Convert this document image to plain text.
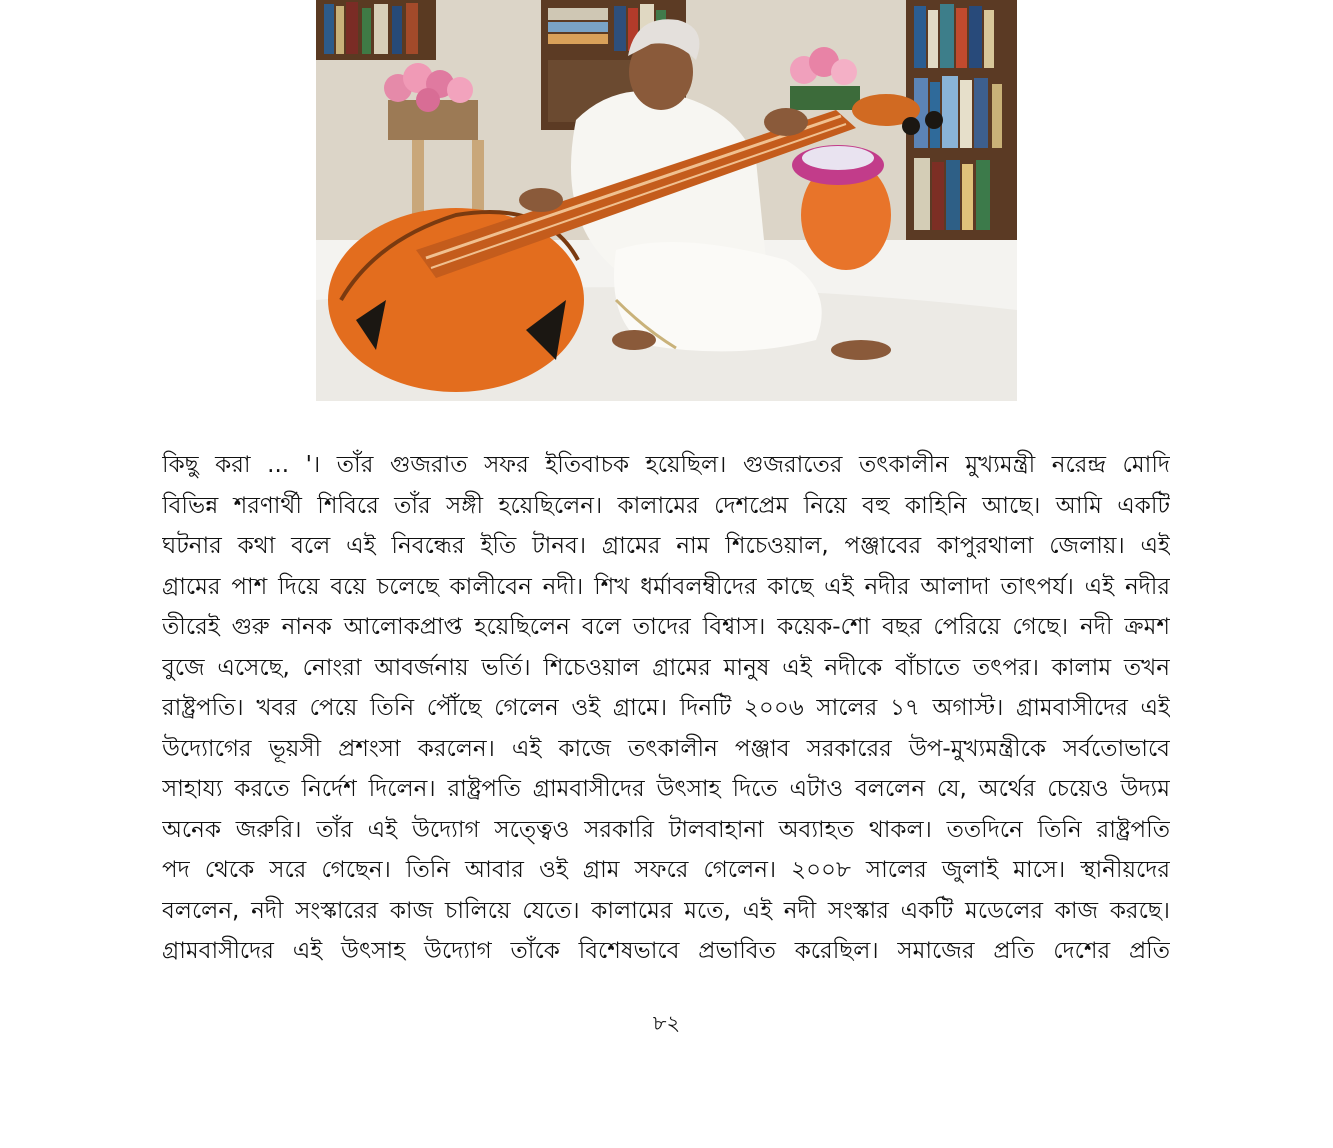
কিছু করা ... '। তাঁর গুজরাত সফর ইতিবাচক হয়েছিল। গুজরাতের তৎকালীন মুখ্যমন্ত্রী নরেন্দ্র মোদি
বিভিন্ন শরণার্থী শিবিরে তাঁর সঙ্গী হয়েছিলেন। কালামের দেশপ্রেম নিয়ে বহু কাহিনি আছে। আমি একটি
ঘটনার কথা বলে এই নিবন্ধের ইতি টানব। গ্রামের নাম শিচেওয়াল, পঞ্জাবের কাপুরথালা জেলায়। এই
গ্রামের পাশ দিয়ে বয়ে চলেছে কালীবেন নদী। শিখ ধর্মাবলম্বীদের কাছে এই নদীর আলাদা তাৎপর্য। এই নদীর
তীরেই গুরু নানক আলোকপ্রাপ্ত হয়েছিলেন বলে তাদের বিশ্বাস। কয়েক-শো বছর পেরিয়ে গেছে। নদী ক্রমশ
বুজে এসেছে, নোংরা আবর্জনায় ভর্তি। শিচেওয়াল গ্রামের মানুষ এই নদীকে বাঁচাতে তৎপর। কালাম তখন
রাষ্ট্রপতি। খবর পেয়ে তিনি পৌঁছে গেলেন ওই গ্রামে। দিনটি ২০০৬ সালের ১৭ অগাস্ট। গ্রামবাসীদের এই
উদ্যোগের ভূয়সী প্রশংসা করলেন। এই কাজে তৎকালীন পঞ্জাব সরকারের উপ-মুখ্যমন্ত্রীকে সর্বতোভাবে
সাহায্য করতে নির্দেশ দিলেন। রাষ্ট্রপতি গ্রামবাসীদের উৎসাহ দিতে এটাও বললেন যে, অর্থের চেয়েও উদ্যম
অনেক জরুরি। তাঁর এই উদ্যোগ সত্ত্বেও সরকারি টালবাহানা অব্যাহত থাকল। ততদিনে তিনি রাষ্ট্রপতি
পদ থেকে সরে গেছেন। তিনি আবার ওই গ্রাম সফরে গেলেন। ২০০৮ সালের জুলাই মাসে। স্থানীয়দের
বললেন, নদী সংস্কারের কাজ চালিয়ে যেতে। কালামের মতে, এই নদী সংস্কার একটি মডেলের কাজ করছে।
গ্রামবাসীদের এই উৎসাহ উদ্যোগ তাঁকে বিশেষভাবে প্রভাবিত করেছিল। সমাজের প্রতি দেশের প্রতি
৮২
